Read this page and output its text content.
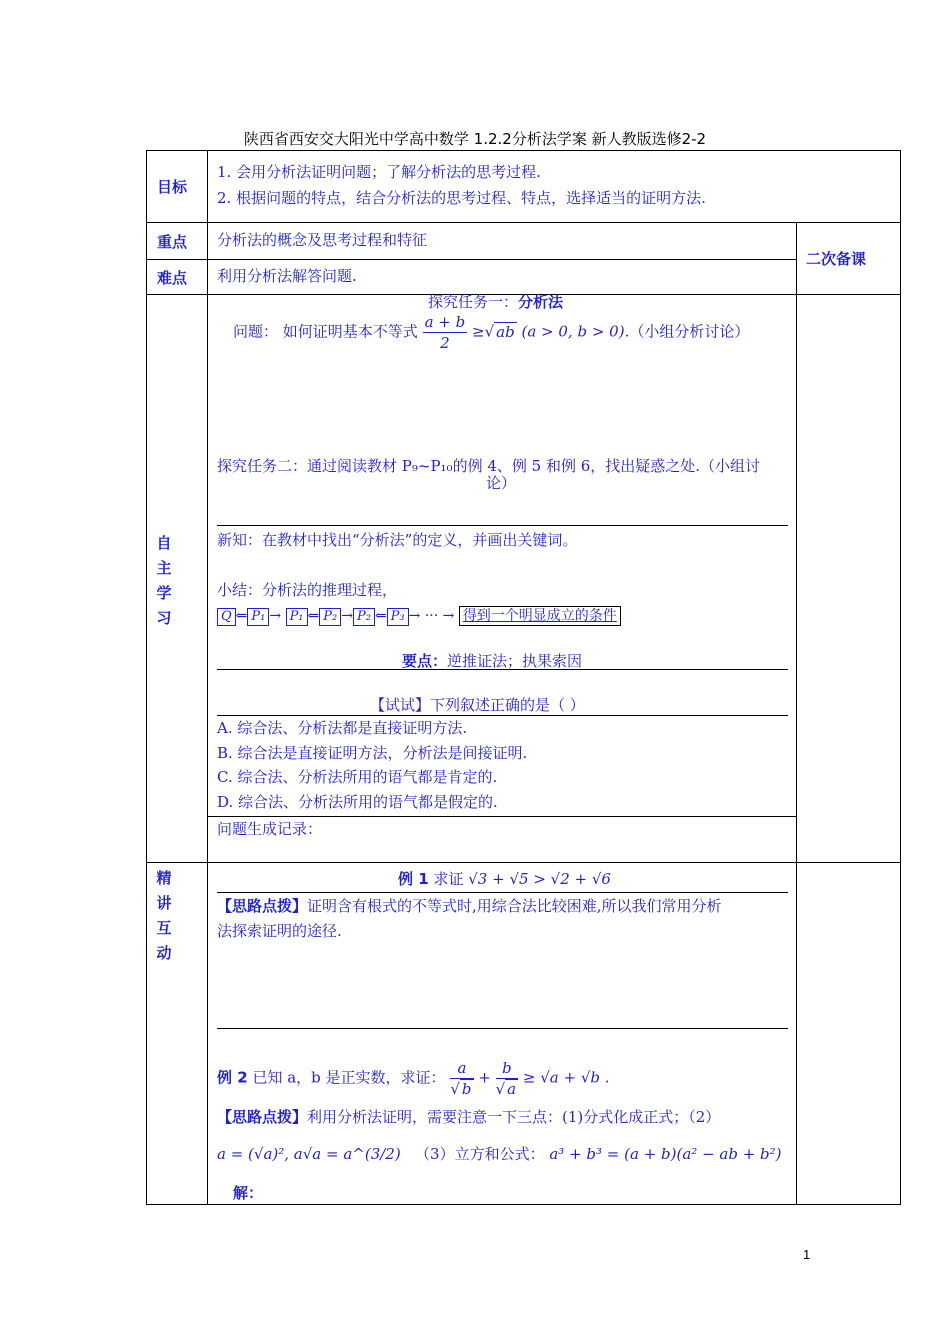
陕西省西安交大阳光中学高中数学 1.2.2分析法学案 新人教版选修2-2
目标
1. 会用分析法证明问题；了解分析法的思考过程.
2. 根据问题的特点，结合分析法的思考过程、特点，选择适当的证明方法.
重点 分析法的概念及思考过程和特征
二次备课
难点 利用分析法解答问题.
自
主
学
习
探究任务一：分析法
问题： 如何证明基本不等式 $\frac{a + b}{2}$ ≥√ ab (a > 0, b > 0).（小组分析讨论）
探究任务二：通过阅读教材 P₉~P₁₀的例 4、例 5 和例 6，找出疑惑之处.（小组讨
论）
新知：在教材中找出“分析法”的定义，并画出关键词。
小结：分析法的推理过程，
Q ⇐ P₁ → P₁ ⇐ P₂ → P₂ ⇐ P₃ → ··· → 得到一个明显成立的条件
要点：逆推证法；执果索因
【试试】下列叙述正确的是（ ）
A. 综合法、分析法都是直接证明方法.
B. 综合法是直接证明方法，分析法是间接证明.
C. 综合法、分析法所用的语气都是肯定的.
D. 综合法、分析法所用的语气都是假定的.
问题生成记录：
精
讲
互
动
例 1 求证 √3 + √5 > √2 + √6
【思路点拨】证明含有根式的不等式时,用综合法比较困难,所以我们常用分析
法探索证明的途径.
例 2 已知 a，b 是正实数，求证： $\frac{a}{√ b} + \frac{b}{√ a} \ge √a + √b$ .
【思路点拨】利用分析法证明，需要注意一下三点：(1)分式化成正式；（2）
a = (√a)², a√a = a^(3/2) （3）立方和公式： a³ + b³ = (a + b)(a² − ab + b²)
解：
1
